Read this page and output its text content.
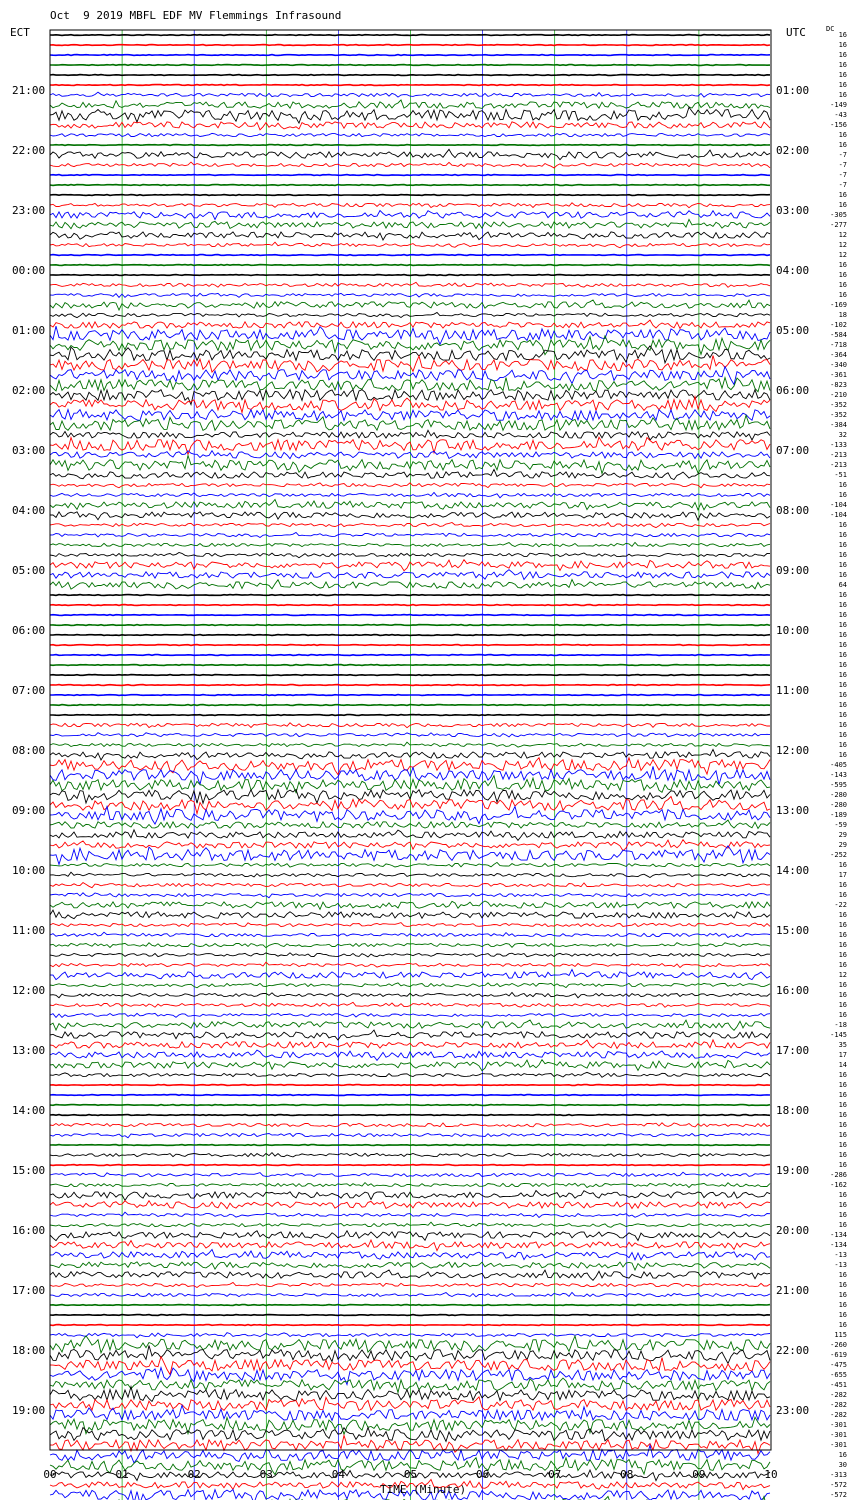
Oct  9 2019 MBFL EDF MV Flemmings Infrasound
ECT	UTC	DC
21:00
22:00
23:00
00:00
01:00
02:00
03:00
04:00
05:00
06:00
07:00
08:00
09:00
10:00
11:00
12:00
13:00
14:00
15:00
16:00
17:00
18:00
19:00
01:00
02:00
03:00
04:00
05:00
06:00
07:00
08:00
09:00
10:00
11:00
12:00
13:00
14:00
15:00
16:00
17:00
18:00
19:00
20:00
21:00
22:00
23:00
16
16
16
16
16
16
16
-149
-43
-156
16
16
-7
-7
-7
-7
16
16
-305
-277
12
12
12
16
16
16
16
-169
18
-102
-584
-718
-364
-340
-361
-823
-210
-352
-352
-384
32
-133
-213
-213
-51
16
16
-104
-104
16
16
16
16
16
16
64
16
16
16
16
16
16
16
16
16
16
16
16
16
16
16
16
16
-405
-143
-595
-280
-280
-189
-59
29
29
-252
16
17
16
16
-22
16
16
16
16
16
16
12
16
16
16
16
-18
-145
35
17
14
16
16
16
16
16
16
16
16
16
16
-286
-162
16
16
16
16
-134
-134
-13
-13
16
16
16
16
16
16
115
-260
-619
-475
-655
-451
-282
-282
-282
-301
-301
-301
16
30
-313
-572
-572
00	01	02	03	04	05	06	07	08	09	10
TIME (Minute)
